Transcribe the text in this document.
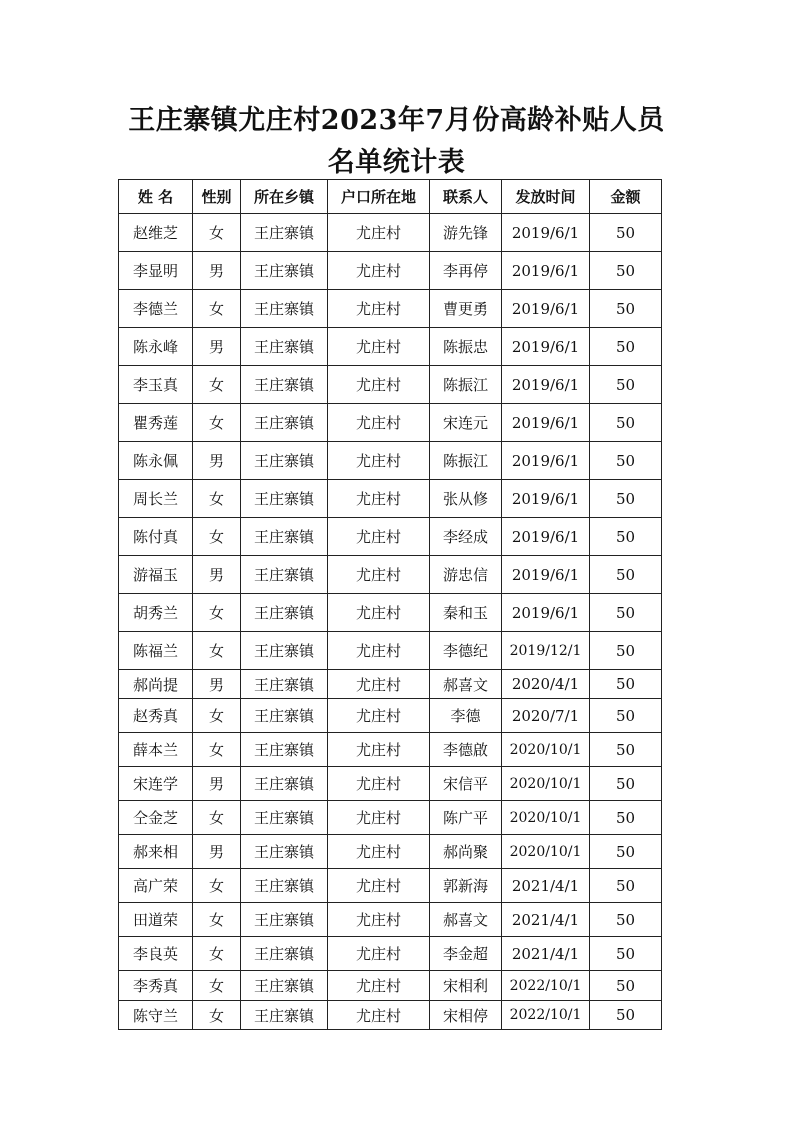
王庄寨镇尤庄村2023年7月份高龄补贴人员
名单统计表
姓 名	性别	所在乡镇	户口所在地	联系人	发放时间	金额
赵维芝	女	王庄寨镇	尤庄村	游先锋	2019/6/1	50
李显明	男	王庄寨镇	尤庄村	李再停	2019/6/1	50
李德兰	女	王庄寨镇	尤庄村	曹更勇	2019/6/1	50
陈永峰	男	王庄寨镇	尤庄村	陈振忠	2019/6/1	50
李玉真	女	王庄寨镇	尤庄村	陈振江	2019/6/1	50
瞿秀莲	女	王庄寨镇	尤庄村	宋连元	2019/6/1	50
陈永佩	男	王庄寨镇	尤庄村	陈振江	2019/6/1	50
周长兰	女	王庄寨镇	尤庄村	张从修	2019/6/1	50
陈付真	女	王庄寨镇	尤庄村	李经成	2019/6/1	50
游福玉	男	王庄寨镇	尤庄村	游忠信	2019/6/1	50
胡秀兰	女	王庄寨镇	尤庄村	秦和玉	2019/6/1	50
陈福兰	女	王庄寨镇	尤庄村	李德纪	2019/12/1	50
郝尚提	男	王庄寨镇	尤庄村	郝喜文	2020/4/1	50
赵秀真	女	王庄寨镇	尤庄村	李德	2020/7/1	50
薛本兰	女	王庄寨镇	尤庄村	李德啟	2020/10/1	50
宋连学	男	王庄寨镇	尤庄村	宋信平	2020/10/1	50
仝金芝	女	王庄寨镇	尤庄村	陈广平	2020/10/1	50
郝来相	男	王庄寨镇	尤庄村	郝尚聚	2020/10/1	50
高广荣	女	王庄寨镇	尤庄村	郭新海	2021/4/1	50
田道荣	女	王庄寨镇	尤庄村	郝喜文	2021/4/1	50
李良英	女	王庄寨镇	尤庄村	李金超	2021/4/1	50
李秀真	女	王庄寨镇	尤庄村	宋相利	2022/10/1	50
陈守兰	女	王庄寨镇	尤庄村	宋相停	2022/10/1	50
